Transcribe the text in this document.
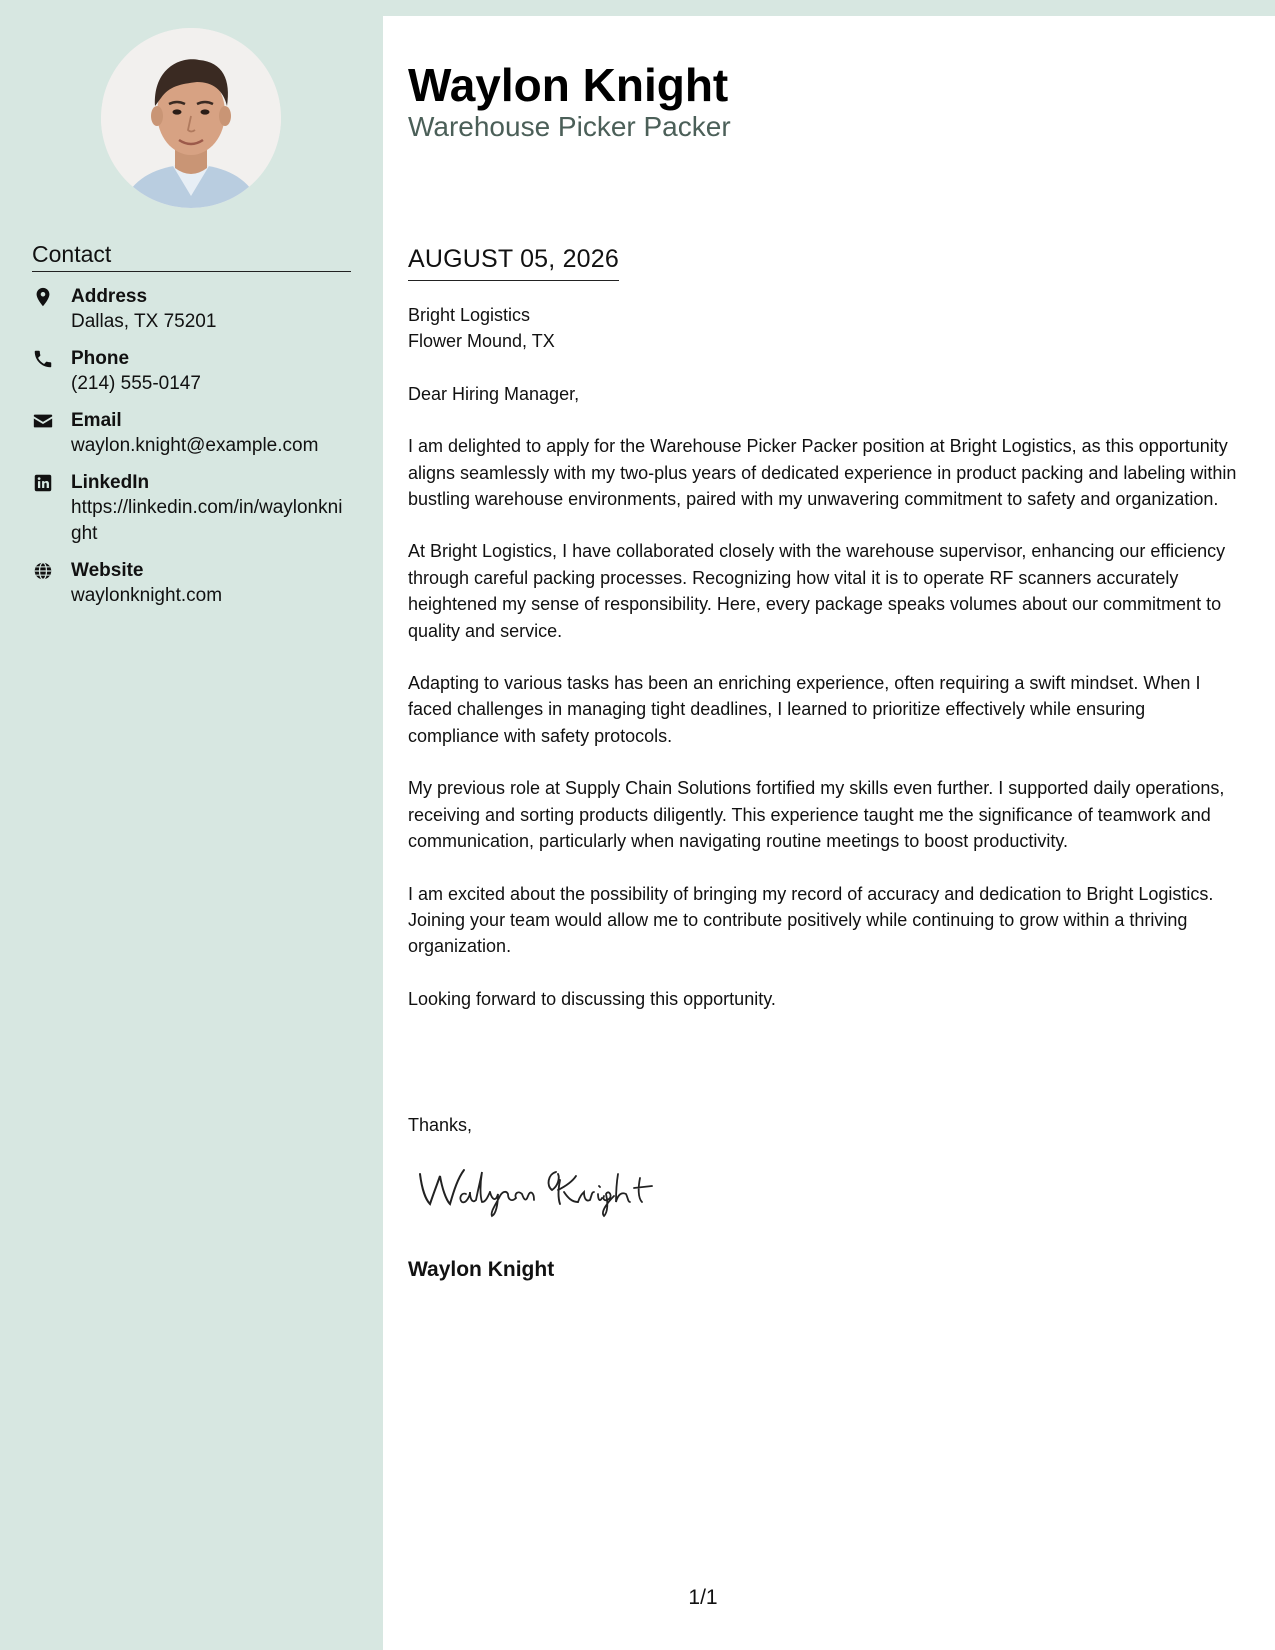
Contact
Address
Dallas, TX 75201
Phone
(214) 555-0147
Email
waylon.knight@example.com
LinkedIn
https://linkedin.com/in/waylonknight
Website
waylonknight.com
Waylon Knight
Warehouse Picker Packer
AUGUST 05, 2026
Bright Logistics
Flower Mound, TX

Dear Hiring Manager,

I am delighted to apply for the Warehouse Picker Packer position at Bright Logistics, as this opportunity aligns seamlessly with my two-plus years of dedicated experience in product packing and labeling within bustling warehouse environments, paired with my unwavering commitment to safety and organization.

At Bright Logistics, I have collaborated closely with the warehouse supervisor, enhancing our efficiency through careful packing processes. Recognizing how vital it is to operate RF scanners accurately heightened my sense of responsibility. Here, every package speaks volumes about our commitment to quality and service.

Adapting to various tasks has been an enriching experience, often requiring a swift mindset. When I faced challenges in managing tight deadlines, I learned to prioritize effectively while ensuring compliance with safety protocols.

My previous role at Supply Chain Solutions fortified my skills even further. I supported daily operations, receiving and sorting products diligently. This experience taught me the significance of teamwork and communication, particularly when navigating routine meetings to boost productivity.

I am excited about the possibility of bringing my record of accuracy and dedication to Bright Logistics. Joining your team would allow me to contribute positively while continuing to grow within a thriving organization.

Looking forward to discussing this opportunity.

Thanks,
Waylon Knight
1/1
